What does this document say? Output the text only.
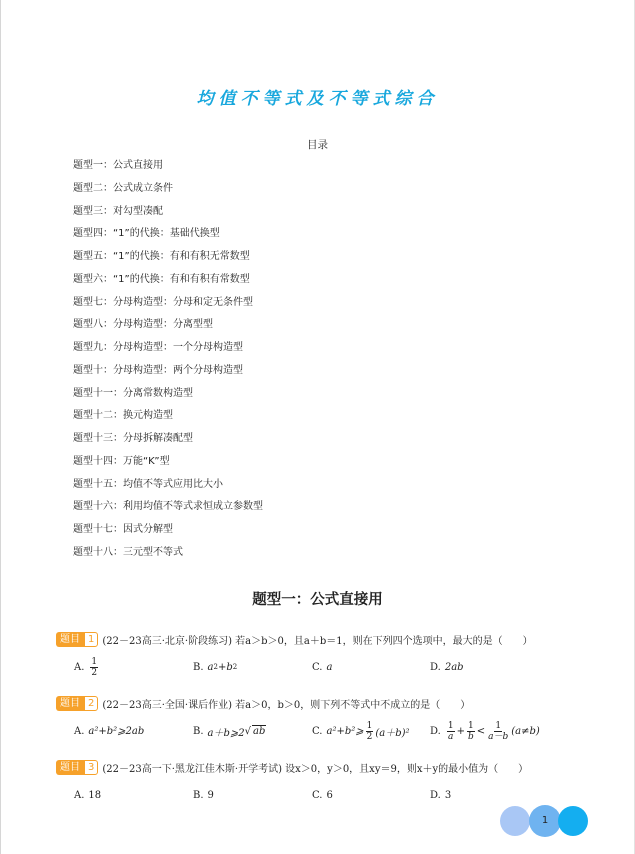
均值不等式及不等式综合
目录
题型一：公式直接用
题型二：公式成立条件
题型三：对勾型凑配
题型四：“1”的代换：基础代换型
题型五：“1”的代换：有和有积无常数型
题型六：“1”的代换：有和有积有常数型
题型七：分母构造型：分母和定无条件型
题型八：分母构造型：分离型型
题型九：分母构造型：一个分母构造型
题型十：分母构造型：两个分母构造型
题型十一：分离常数构造型
题型十二：换元构造型
题型十三：分母拆解凑配型
题型十四：万能“K”型
题型十五：均值不等式应用比大小
题型十六：利用均值不等式求恒成立参数型
题型十七：因式分解型
题型十八：三元型不等式
题型一：公式直接用
题目 1 (22－23高三·北京·阶段练习) 若a＞b＞0，且a＋b＝1，则在下列四个选项中，最大的是（　　）
A. $\frac{1}{2}$	B. a 2 + b 2	C. a	D. 2ab
题目 2 (22－23高三·全国·课后作业) 若a＞0，b＞0，则下列不等式中不成立的是（　　）
A. a²+b²⩾2ab	B. a＋b⩾2 √ ab	C. a²+b²⩾ $\frac{1}{2} (a+b)^2$ D. $\frac{1}{a} + \frac{1}{b} < \frac{1}{a-b} (a\ne b)$
题目 3 (22－23高一下·黑龙江佳木斯·开学考试) 设x＞0，y＞0，且xy＝9，则x＋y的最小值为（　　）
A. 18	B. 9	C. 6	D. 3
1
